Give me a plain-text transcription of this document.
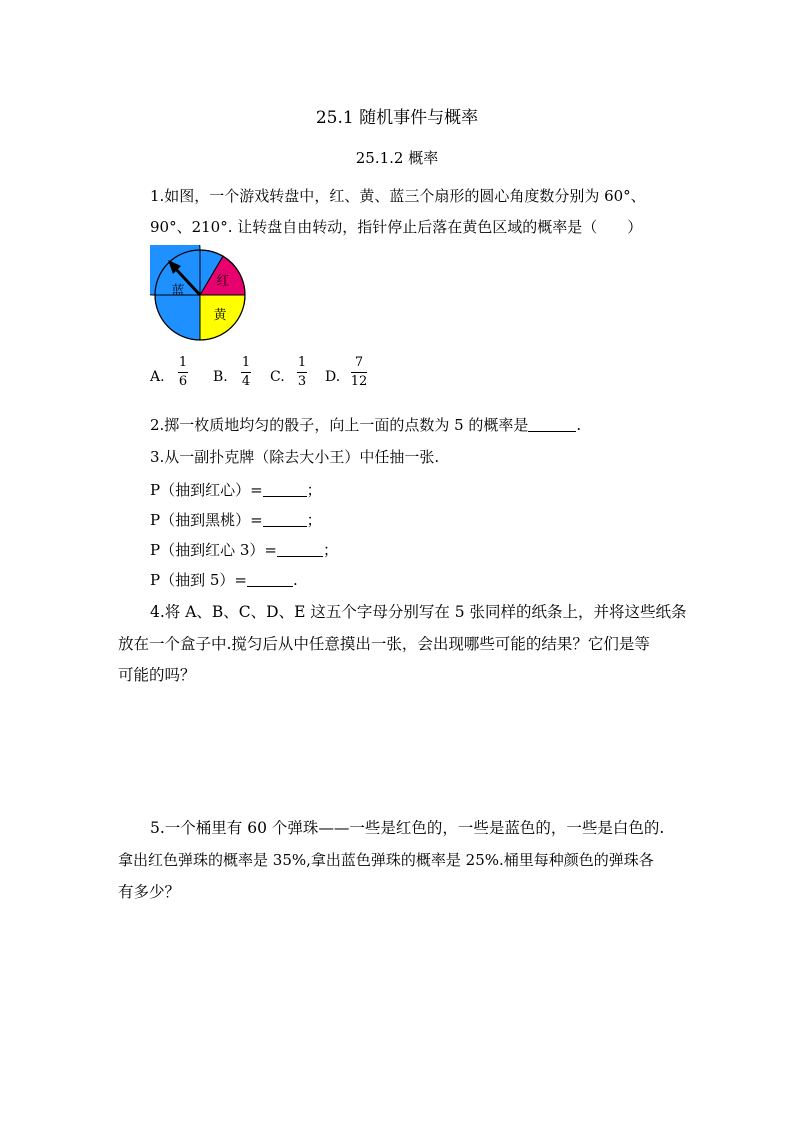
25.1 随机事件与概率
25.1.2 概率
1.如图，一个游戏转盘中，红、黄、蓝三个扇形的圆心角度数分别为 60°、
90°、210°. 让转盘自由转动，指针停止后落在黄色区域的概率是（　　）
红
蓝
黄
A.
1
6	B.
1
4	C.
1
3	D.
7
12
2.掷一枚质地均匀的骰子，向上一面的点数为 5 的概率是	.
3.从一副扑克牌（除去大小王）中任抽一张.
P（抽到红心）=	；
P（抽到黑桃）=	；
P（抽到红心 3）=	；
P（抽到 5）=	.
4.将 A、B、C、D、E 这五个字母分别写在 5 张同样的纸条上，并将这些纸条
放在一个盒子中.搅匀后从中任意摸出一张，会出现哪些可能的结果？它们是等
可能的吗？
5.一个桶里有 60 个弹珠——一些是红色的，一些是蓝色的，一些是白色的.
拿出红色弹珠的概率是 35%,拿出蓝色弹珠的概率是 25%.桶里每种颜色的弹珠各
有多少？
